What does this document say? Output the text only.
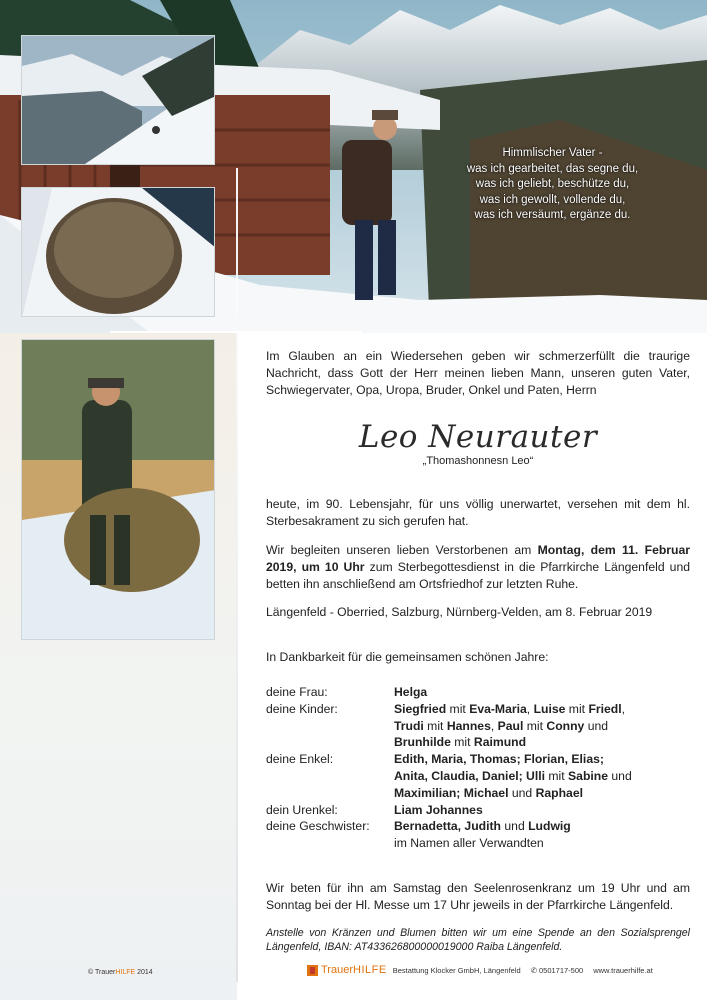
Himmlischer Vater -
was ich gearbeitet, das segne du,
was ich geliebt, beschütze du,
was ich gewollt, vollende du,
was ich versäumt, ergänze du.
© TrauerHILFE 2014

Im Glauben an ein Wiedersehen geben wir schmerzerfüllt die traurige Nachricht, dass Gott der Herr meinen lieben Mann, unseren guten Vater, Schwiegervater, Opa, Uropa, Bruder, Onkel und Paten, Herrn

Leo Neurauter
„Thomashonnesn Leo“

heute, im 90. Lebensjahr, für uns völlig unerwartet, versehen mit dem hl. Sterbesakrament zu sich gerufen hat.

Wir begleiten unseren lieben Verstorbenen am Montag, dem 11. Februar 2019, um 10 Uhr zum Sterbegottesdienst in die Pfarrkirche Längenfeld und betten ihn anschließend am Ortsfriedhof zur letzten Ruhe.

Längenfeld - Oberried, Salzburg, Nürnberg-Velden, am 8. Februar 2019

In Dankbarkeit für die gemeinsamen schönen Jahre:

deine Frau:	Helga
deine Kinder:	Siegfried mit Eva-Maria, Luise mit Friedl,
Trudi mit Hannes, Paul mit Conny und
Brunhilde mit Raimund
deine Enkel:	Edith, Maria, Thomas; Florian, Elias;
Anita, Claudia, Daniel; Ulli mit Sabine und
Maximilian; Michael und Raphael
dein Urenkel:	Liam Johannes
deine Geschwister:	Bernadetta, Judith und Ludwig
im Namen aller Verwandten

Wir beten für ihn am Samstag den Seelenrosenkranz um 19 Uhr und am Sonntag bei der Hl. Messe um 17 Uhr jeweils in der Pfarrkirche Längenfeld.

Anstelle von Kränzen und Blumen bitten wir um eine Spende an den Sozialsprengel Längenfeld, IBAN: AT433626800000019000 Raiba Längenfeld.

Trauer HILFE Bestattung Klocker GmbH, Längenfeld
✆	0501717-500 www.trauerhilfe.at
